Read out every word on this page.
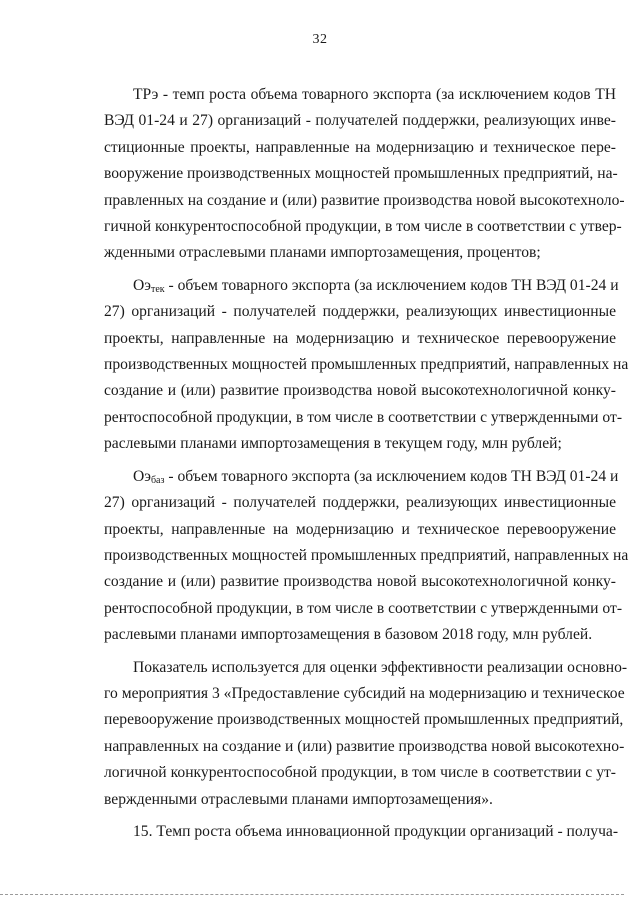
32

ТРэ - темп роста объема товарного экспорта (за исключением кодов ТН
ВЭД 01-24 и 27) организаций - получателей поддержки, реализующих инве-
стиционные проекты, направленные на модернизацию и техническое пере-
вооружение производственных мощностей промышленных предприятий, на-
правленных на создание и (или) развитие производства новой высокотехноло-
гичной конкурентоспособной продукции, в том числе в соответствии с утвер-
жденными отраслевыми планами импортозамещения, процентов;

$Оэ_{тек}$ - объем товарного экспорта (за исключением кодов ТН ВЭД 01-24 и
27) организаций - получателей поддержки, реализующих инвестиционные
проекты, направленные на модернизацию и техническое перевооружение
производственных мощностей промышленных предприятий, направленных на
создание и (или) развитие производства новой высокотехнологичной конку-
рентоспособной продукции, в том числе в соответствии с утвержденными от-
раслевыми планами импортозамещения в текущем году, млн рублей;

$Оэ_{баз}$ - объем товарного экспорта (за исключением кодов ТН ВЭД 01-24 и
27) организаций - получателей поддержки, реализующих инвестиционные
проекты, направленные на модернизацию и техническое перевооружение
производственных мощностей промышленных предприятий, направленных на
создание и (или) развитие производства новой высокотехнологичной конку-
рентоспособной продукции, в том числе в соответствии с утвержденными от-
раслевыми планами импортозамещения в базовом 2018 году, млн рублей.

Показатель используется для оценки эффективности реализации основно-
го мероприятия 3 «Предоставление субсидий на модернизацию и техническое
перевооружение производственных мощностей промышленных предприятий,
направленных на создание и (или) развитие производства новой высокотехно-
логичной конкурентоспособной продукции, в том числе в соответствии с ут-
вержденными отраслевыми планами импортозамещения».

15. Темп роста объема инновационной продукции организаций - получа-
